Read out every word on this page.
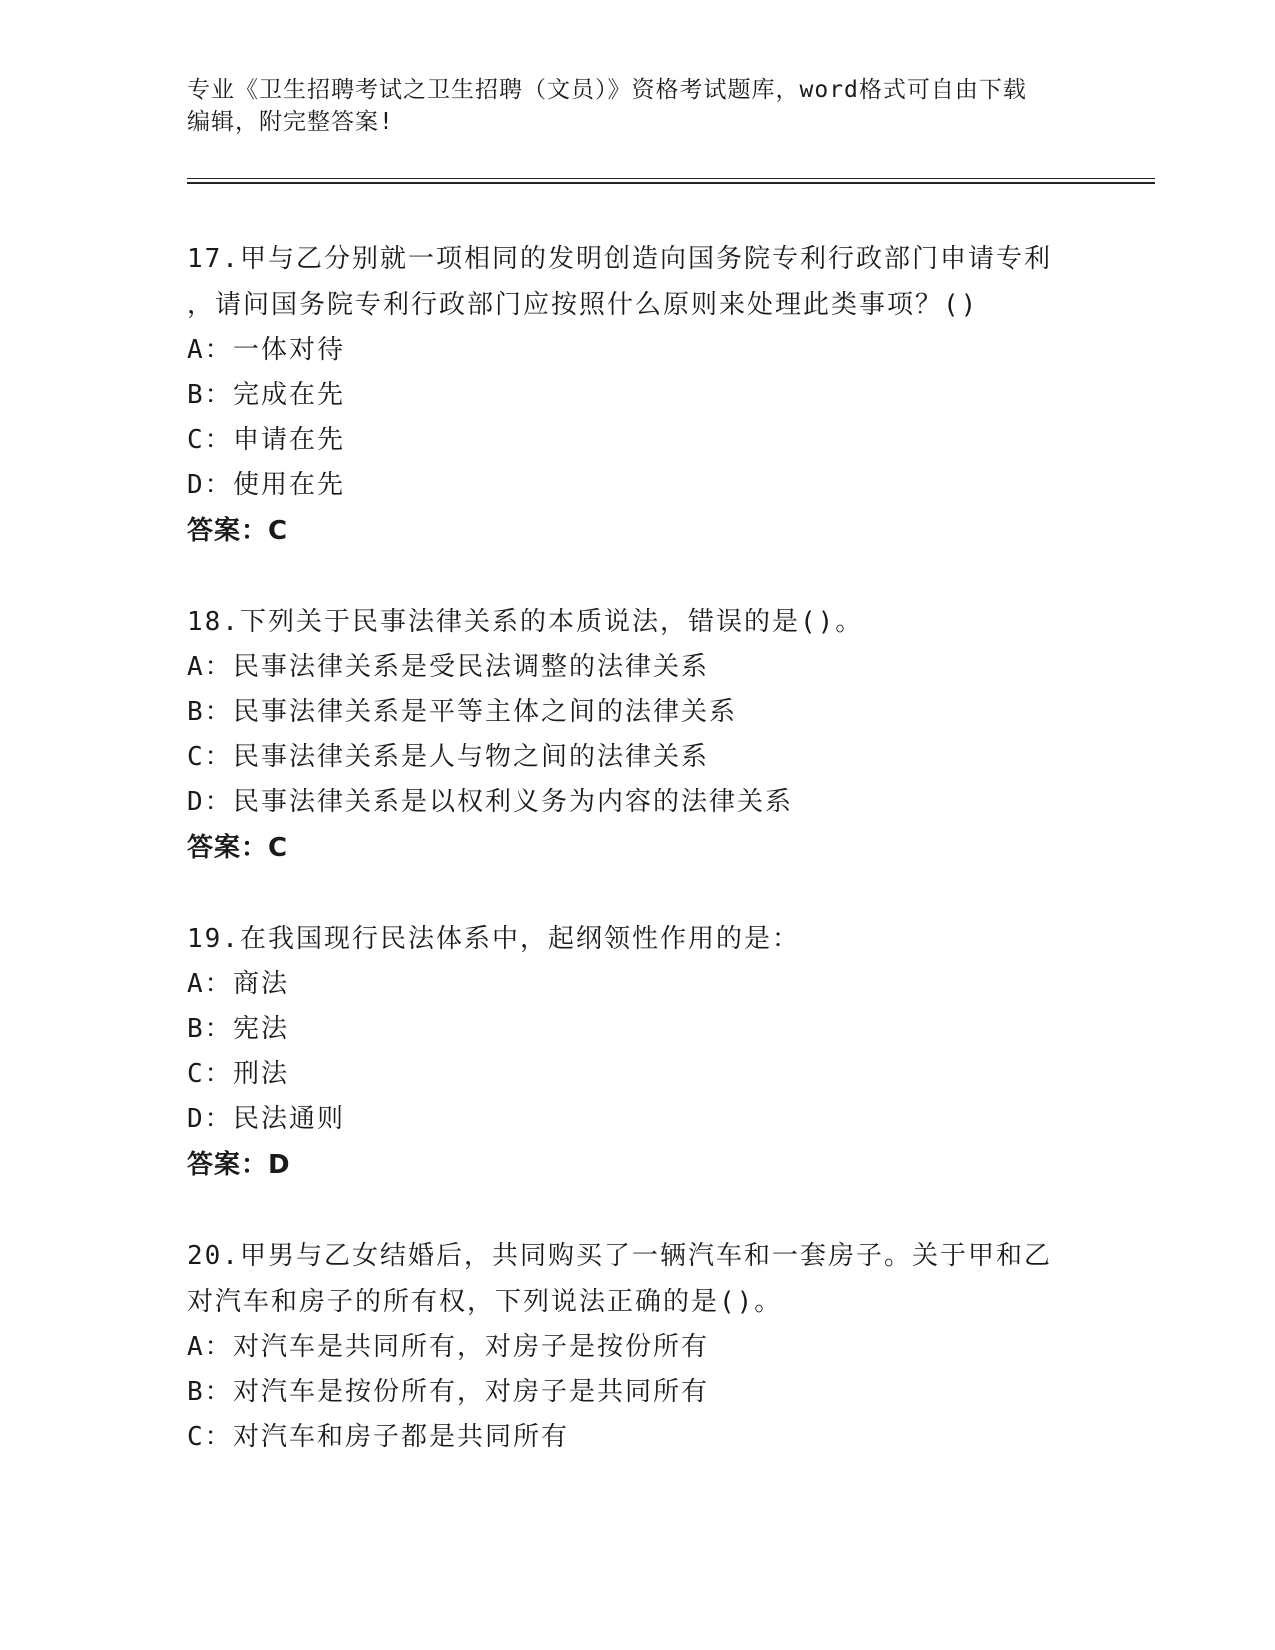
专业《卫生招聘考试之卫生招聘（文员）》资格考试题库，word格式可自由下载
编辑，附完整答案!

17.甲与乙分别就一项相同的发明创造向国务院专利行政部门申请专利

，请问国务院专利行政部门应按照什么原则来处理此类事项？()

A：一体对待

B：完成在先

C：申请在先

D：使用在先

答案：C

18.下列关于民事法律关系的本质说法，错误的是()。

A：民事法律关系是受民法调整的法律关系

B：民事法律关系是平等主体之间的法律关系

C：民事法律关系是人与物之间的法律关系

D：民事法律关系是以权利义务为内容的法律关系

答案：C

19.在我国现行民法体系中，起纲领性作用的是：

A：商法

B：宪法

C：刑法

D：民法通则

答案：D

20.甲男与乙女结婚后，共同购买了一辆汽车和一套房子。关于甲和乙

对汽车和房子的所有权，下列说法正确的是()。

A：对汽车是共同所有，对房子是按份所有

B：对汽车是按份所有，对房子是共同所有

C：对汽车和房子都是共同所有
